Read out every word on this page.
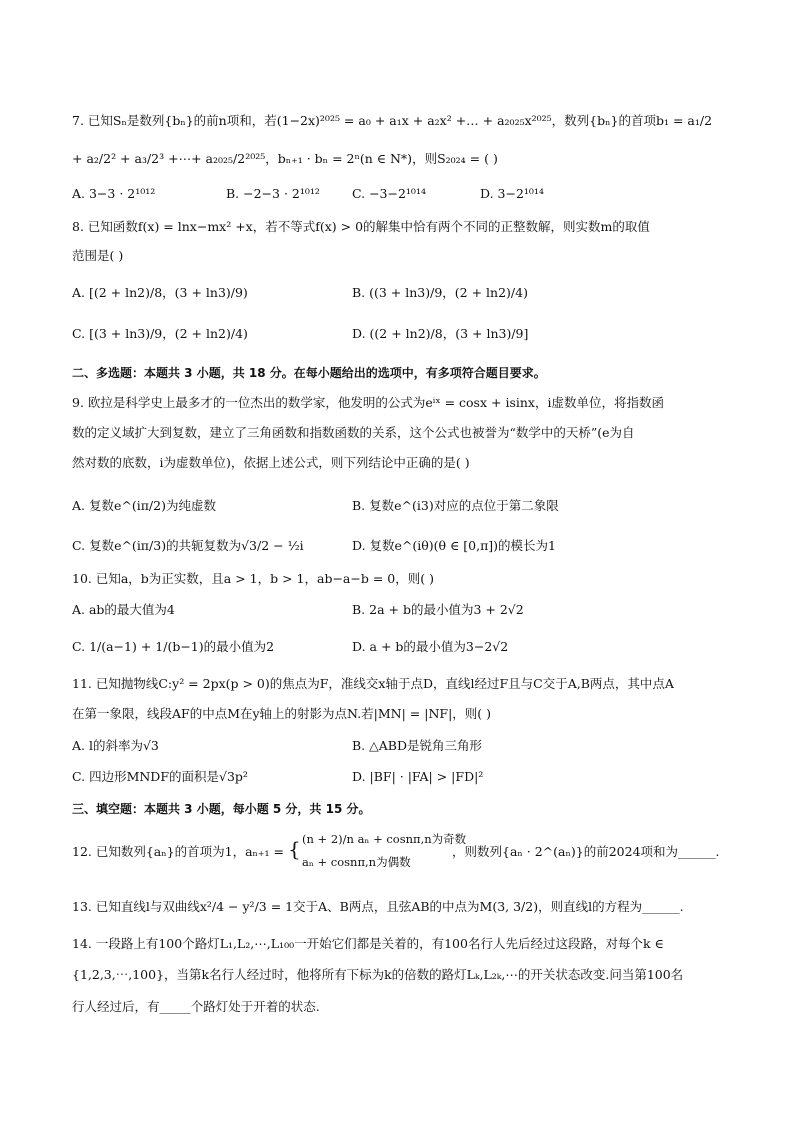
7. 已知Sₙ是数列{bₙ}的前n项和，若(1−2x)²⁰²⁵ = a₀ + a₁x + a₂x² +… + a₂₀₂₅x²⁰²⁵，数列{bₙ}的首项b₁ = a₁/2
+ a₂/2² + a₃/2³ +⋯+ a₂₀₂₅/2²⁰²⁵，bₙ₊₁ · bₙ = 2ⁿ(n ∈ N*)，则S₂₀₂₄ = ( )
A. 3−3 · 2¹⁰¹²	B. −2−3 · 2¹⁰¹²	C. −3−2¹⁰¹⁴	D. 3−2¹⁰¹⁴
8. 已知函数f(x) = lnx−mx² +x，若不等式f(x) > 0的解集中恰有两个不同的正整数解，则实数m的取值
范围是( )
A. [(2 + ln2)/8，(3 + ln3)/9)	B. ((3 + ln3)/9，(2 + ln2)/4)
C. [(3 + ln3)/9，(2 + ln2)/4)	D. ((2 + ln2)/8，(3 + ln3)/9]
二、多选题：本题共 3 小题，共 18 分。在每小题给出的选项中，有多项符合题目要求。
9. 欧拉是科学史上最多才的一位杰出的数学家，他发明的公式为eⁱˣ = cosx + isinx，i虚数单位，将指数函
数的定义域扩大到复数，建立了三角函数和指数函数的关系，这个公式也被誉为“数学中的天桥”(e为自
然对数的底数，i为虚数单位)，依据上述公式，则下列结论中正确的是( )
A. 复数e^(iπ/2)为纯虚数	B. 复数e^(i3)对应的点位于第二象限
C. 复数e^(iπ/3)的共轭复数为√3/2 − ½i	D. 复数e^(iθ)(θ ∈ [0,π])的模长为1
10. 已知a，b为正实数，且a > 1，b > 1，ab−a−b = 0，则( )
A. ab的最大值为4	B. 2a + b的最小值为3 + 2√2
C. 1/(a−1) + 1/(b−1)的最小值为2	D. a + b的最小值为3−2√2
11. 已知抛物线C:y² = 2px(p > 0)的焦点为F，准线交x轴于点D，直线l经过F且与C交于A,B两点，其中点A
在第一象限，线段AF的中点M在y轴上的射影为点N.若|MN| = |NF|，则( )
A. l的斜率为√3	B. △ABD是锐角三角形
C. 四边形MNDF的面积是√3p²	D. |BF| · |FA| > |FD|²
三、填空题：本题共 3 小题，每小题 5 分，共 15 分。
12. 已知数列{aₙ}的首项为1，aₙ₊₁ = { (n + 2)/n aₙ + cosnπ,n为奇数
aₙ + cosnπ,n为偶数
，则数列{aₙ · 2^(aₙ)}的前2024项和为______.
13. 已知直线l与双曲线x²/4 − y²/3 = 1交于A、B两点，且弦AB的中点为M(3, 3/2)，则直线l的方程为______.
14. 一段路上有100个路灯L₁,L₂,⋯,L₁₀₀一开始它们都是关着的，有100名行人先后经过这段路，对每个k ∈
{1,2,3,⋯,100}，当第k名行人经过时，他将所有下标为k的倍数的路灯Lₖ,L₂ₖ,⋯的开关状态改变.问当第100名
行人经过后，有_____个路灯处于开着的状态.
